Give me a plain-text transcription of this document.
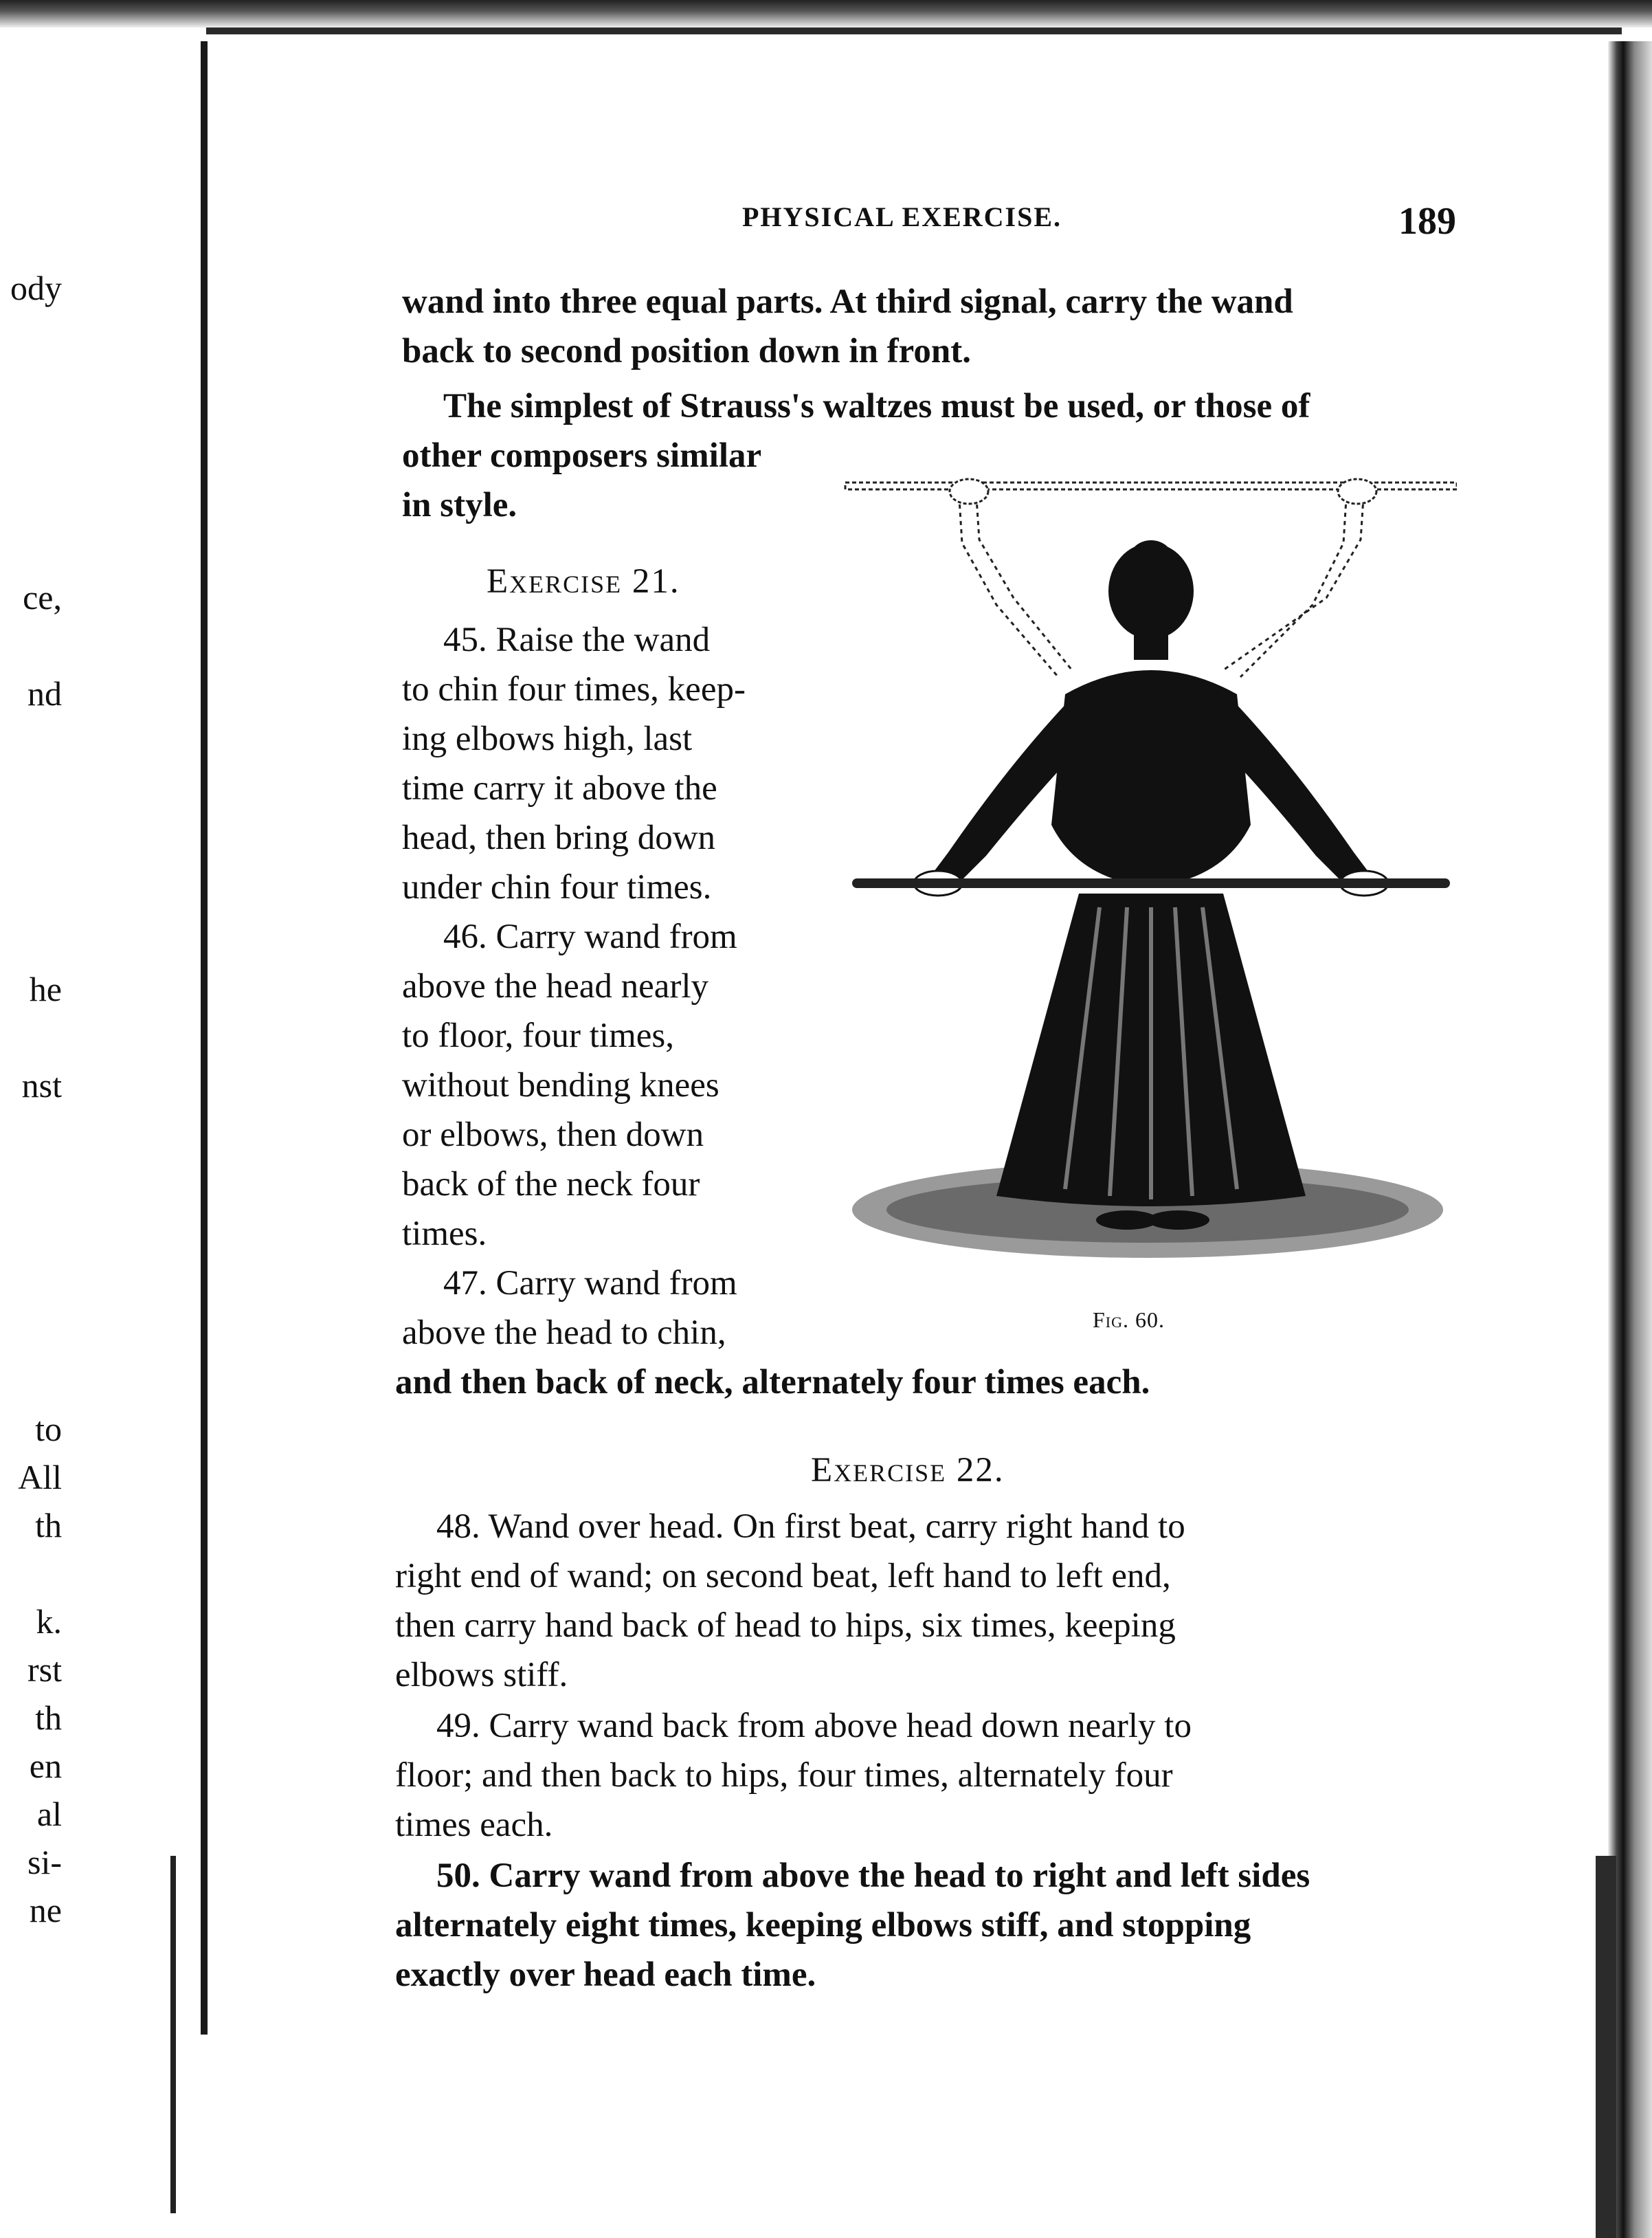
ody
ce,
nd
he
nst
to
All
th
k.
rst
th
en
al
si-
ne
PHYSICAL EXERCISE.	189
wand into three equal parts. At third signal, carry the wand
back to second position down in front.
The simplest of Strauss's waltzes must be used, or those of
other composers similar
in style.
Exercise 21.
45. Raise the wand
to chin four times, keep-
ing elbows high, last
time carry it above the
head, then bring down
under chin four times.
46. Carry wand from
above the head nearly
to floor, four times,
without bending knees
or elbows, then down
back of the neck four
times.
47. Carry wand from
above the head to chin,
and then back of neck, alternately four times each.
Exercise 22.
48. Wand over head. On first beat, carry right hand to
right end of wand; on second beat, left hand to left end,
then carry hand back of head to hips, six times, keeping
elbows stiff.
49. Carry wand back from above head down nearly to
floor; and then back to hips, four times, alternately four
times each.
50. Carry wand from above the head to right and left sides
alternately eight times, keeping elbows stiff, and stopping
exactly over head each time.
Fig. 60.
